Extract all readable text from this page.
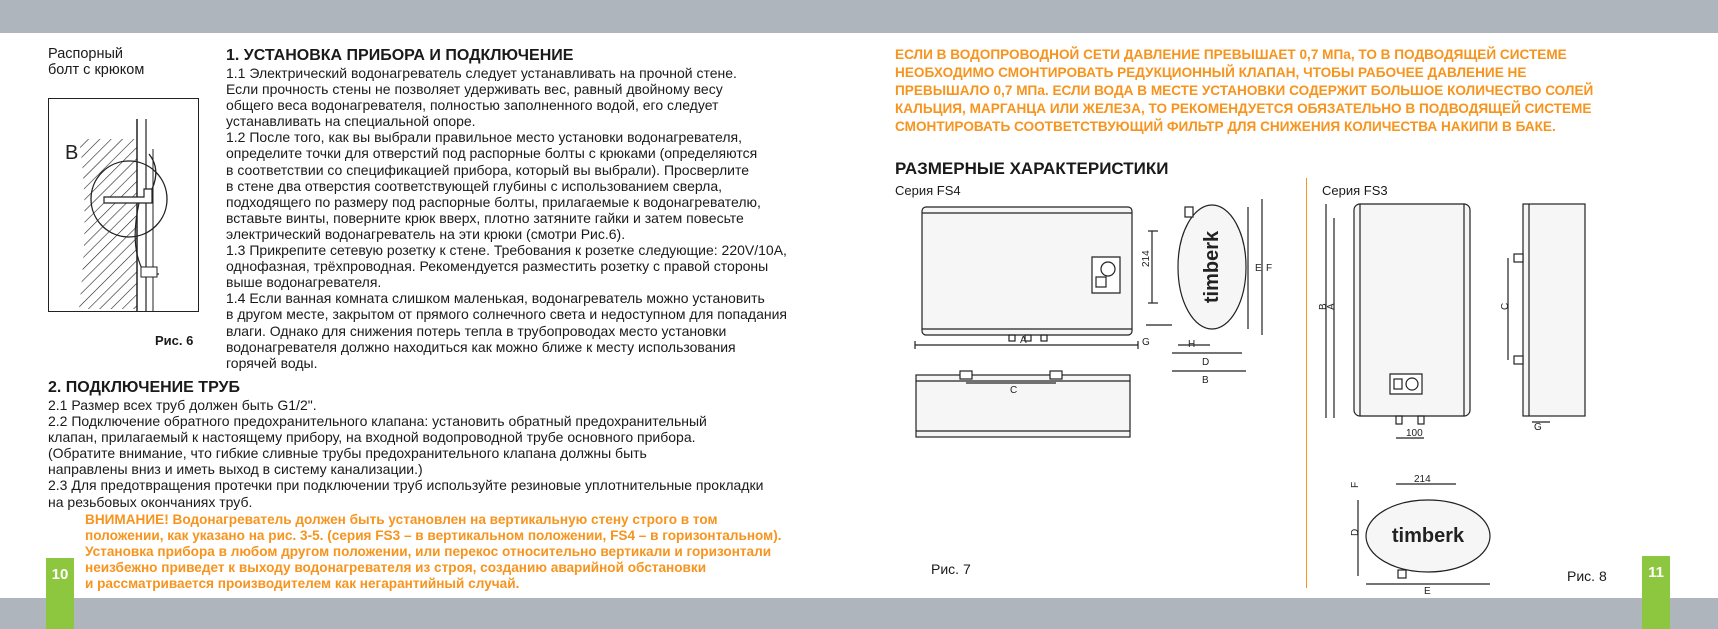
10	11
Распорный
болт с крюком
B
Рис. 6
1. УСТАНОВКА ПРИБОРА И ПОДКЛЮЧЕНИЕ
1.1 Электрический водонагреватель следует устанавливать на прочной стене.
Если прочность стены не позволяет удерживать вес, равный двойному весу
общего веса водонагревателя, полностью заполненного водой, его следует
устанавливать на специальной опоре.
1.2 После того, как вы выбрали правильное место установки водонагревателя,
определите точки для отверстий под распорные болты с крюками (определяются
в соответствии со спецификацией прибора, который вы выбрали). Просверлите
в стене два отверстия соответствующей глубины с использованием сверла,
подходящего по размеру под распорные болты, прилагаемые к водонагревателю,
вставьте винты, поверните крюк вверх, плотно затяните гайки и затем повесьте
электрический водонагреватель на эти крюки (смотри Рис.6).
1.3 Прикрепите сетевую розетку к стене. Требования к розетке следующие: 220V/10A,
однофазная, трёхпроводная. Рекомендуется разместить розетку с правой стороны
выше водонагревателя.
1.4 Если ванная комната слишком маленькая, водонагреватель можно установить
в другом месте, закрытом от прямого солнечного света и недоступном для попадания
влаги. Однако для снижения потерь тепла в трубопроводах место установки
водонагревателя должно находиться как можно ближе к месту использования
горячей воды.
2. ПОДКЛЮЧЕНИЕ ТРУБ
2.1 Размер всех труб должен быть G1/2".
2.2 Подключение обратного предохранительного клапана: установить обратный предохранительный
клапан, прилагаемый к настоящему прибору, на входной водопроводной трубе основного прибора.
(Обратите внимание, что гибкие сливные трубы предохранительного клапана должны быть
направлены вниз и иметь выход в систему канализации.)
2.3 Для предотвращения протечки при подключении труб используйте резиновые уплотнительные прокладки
на резьбовых окончаниях труб.
ВНИМАНИЕ! Водонагреватель должен быть установлен на вертикальную стену строго в том
положении, как указано на рис. 3-5. (серия FS3 – в вертикальном положении, FS4 – в горизонтальном).
Установка прибора в любом другом положении, или перекос относительно вертикали и горизонтали
неизбежно приведет к выходу водонагревателя из строя, созданию аварийной обстановки
и рассматривается производителем как негарантийный случай.
ЕСЛИ В ВОДОПРОВОДНОЙ СЕТИ ДАВЛЕНИЕ ПРЕВЫШАЕТ 0,7 МПа, ТО В ПОДВОДЯЩЕЙ СИСТЕМЕ
НЕОБХОДИМО СМОНТИРОВАТЬ РЕДУКЦИОННЫЙ КЛАПАН, ЧТОБЫ РАБОЧЕЕ ДАВЛЕНИЕ НЕ
ПРЕВЫШАЛО 0,7 МПа. ЕСЛИ ВОДА В МЕСТЕ УСТАНОВКИ СОДЕРЖИТ БОЛЬШОЕ КОЛИЧЕСТВО СОЛЕЙ
КАЛЬЦИЯ, МАРГАНЦА ИЛИ ЖЕЛЕЗА, ТО РЕКОМЕНДУЕТСЯ ОБЯЗАТЕЛЬНО В ПОДВОДЯЩЕЙ СИСТЕМЕ
СМОНТИРОВАТЬ СООТВЕТСТВУЮЩИЙ ФИЛЬТР ДЛЯ СНИЖЕНИЯ КОЛИЧЕСТВА НАКИПИ В БАКЕ.
РАЗМЕРНЫЕ ХАРАКТЕРИСТИКИ
Серия FS4	Серия FS3
timberk
A
C
214
E F
G	H
D
B
B
A
100
C
G
214
F
D
E
timberk
Рис. 7	Рис. 8
